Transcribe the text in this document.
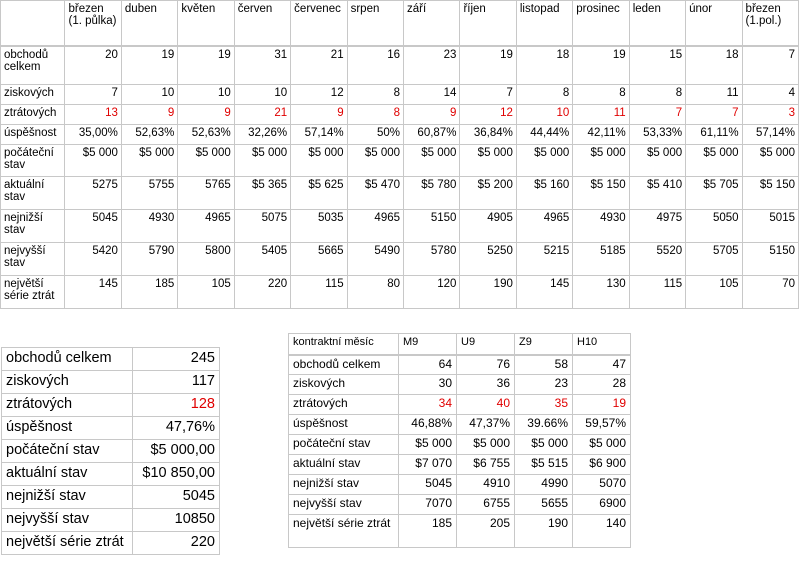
	březen (1. půlka)	duben	květen	červen	červenec	srpen	září	říjen	listopad	prosinec	leden	únor	březen (1.pol.)
obchodů celkem	20	19	19	31	21	16	23	19	18	19	15	18	7
ziskových	7	10	10	10	12	8	14	7	8	8	8	11	4
ztrátových	13	9	9	21	9	8	9	12	10	11	7	7	3
úspěšnost	35,00%	52,63%	52,63%	32,26%	57,14%	50%	60,87%	36,84%	44,44%	42,11%	53,33%	61,11%	57,14%
počáteční stav	$5 000	$5 000	$5 000	$5 000	$5 000	$5 000	$5 000	$5 000	$5 000	$5 000	$5 000	$5 000	$5 000
aktuální stav	5275	5755	5765	$5 365	$5 625	$5 470	$5 780	$5 200	$5 160	$5 150	$5 410	$5 705	$5 150
nejnižší stav	5045	4930	4965	5075	5035	4965	5150	4905	4965	4930	4975	5050	5015
nejvyšší stav	5420	5790	5800	5405	5665	5490	5780	5250	5215	5185	5520	5705	5150
největší série ztrát	145	185	105	220	115	80	120	190	145	130	115	105	70
obchodů celkem	245
ziskových	117
ztrátových	128
úspěšnost	47,76%
počáteční stav	$5 000,00
aktuální stav	$10 850,00
nejnižší stav	5045
nejvyšší stav	10850
největší série ztrát	220
kontraktní měsíc	M9	U9	Z9	H10
obchodů celkem	64	76	58	47
ziskových	30	36	23	28
ztrátových	34	40	35	19
úspěšnost	46,88%	47,37%	39.66%	59,57%
počáteční stav	$5 000	$5 000	$5 000	$5 000
aktuální stav	$7 070	$6 755	$5 515	$6 900
nejnižší stav	5045	4910	4990	5070
nejvyšší stav	7070	6755	5655	6900
největší série ztrát	185	205	190	140
